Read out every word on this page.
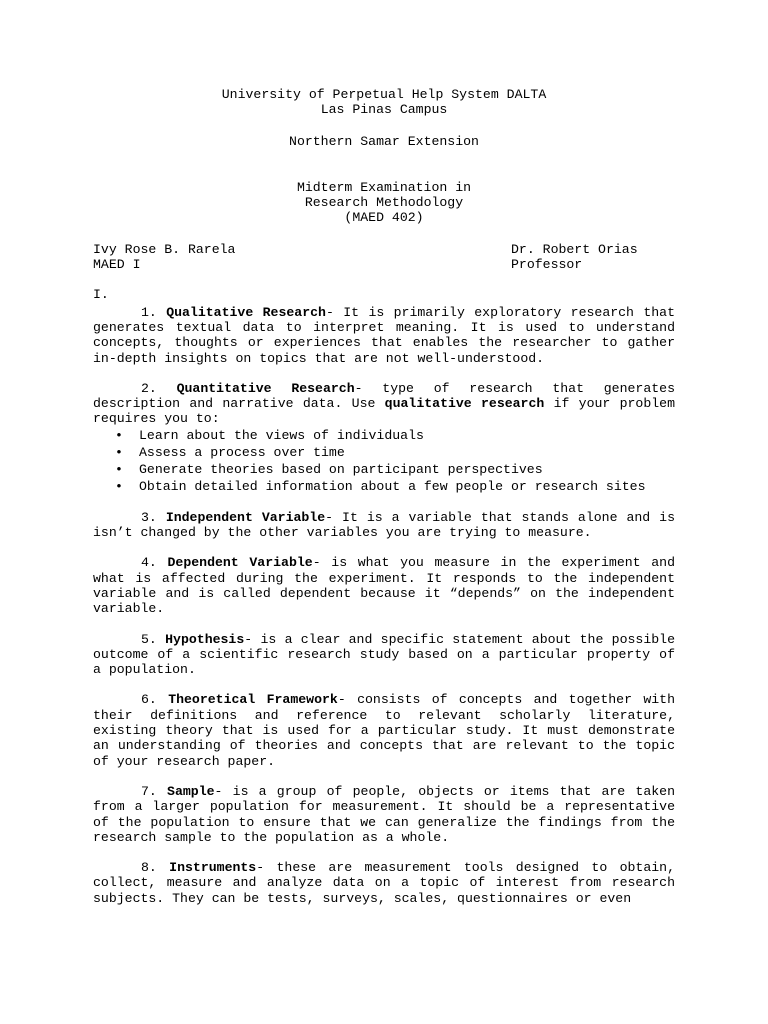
University of Perpetual Help System DALTA
Las Pinas Campus
Northern Samar Extension
Midterm Examination in
Research Methodology
(MAED 402)
Ivy Rose B. Rarela
MAED I
Dr. Robert Orias
Professor
I.

1. Qualitative Research- It is primarily exploratory research that generates textual data to interpret meaning. It is used to understand concepts, thoughts or experiences that enables the researcher to gather in-depth insights on topics that are not well-understood.

2. Quantitative Research- type of research that generates description and narrative data. Use qualitative research if your problem requires you to:
• Learn about the views of individuals
• Assess a process over time
• Generate theories based on participant perspectives
• Obtain detailed information about a few people or research sites

3. Independent Variable- It is a variable that stands alone and is isn’t changed by the other variables you are trying to measure.

4. Dependent Variable- is what you measure in the experiment and what is affected during the experiment. It responds to the independent variable and is called dependent because it “depends” on the independent variable.

5. Hypothesis- is a clear and specific statement about the possible outcome of a scientific research study based on a particular property of a population.

6. Theoretical Framework- consists of concepts and together with their definitions and reference to relevant scholarly literature, existing theory that is used for a particular study. It must demonstrate an understanding of theories and concepts that are relevant to the topic of your research paper.

7. Sample- is a group of people, objects or items that are taken from a larger population for measurement. It should be a representative of the population to ensure that we can generalize the findings from the research sample to the population as a whole.

8. Instruments- these are measurement tools designed to obtain, collect, measure and analyze data on a topic of interest from research subjects. They can be tests, surveys, scales, questionnaires or even
